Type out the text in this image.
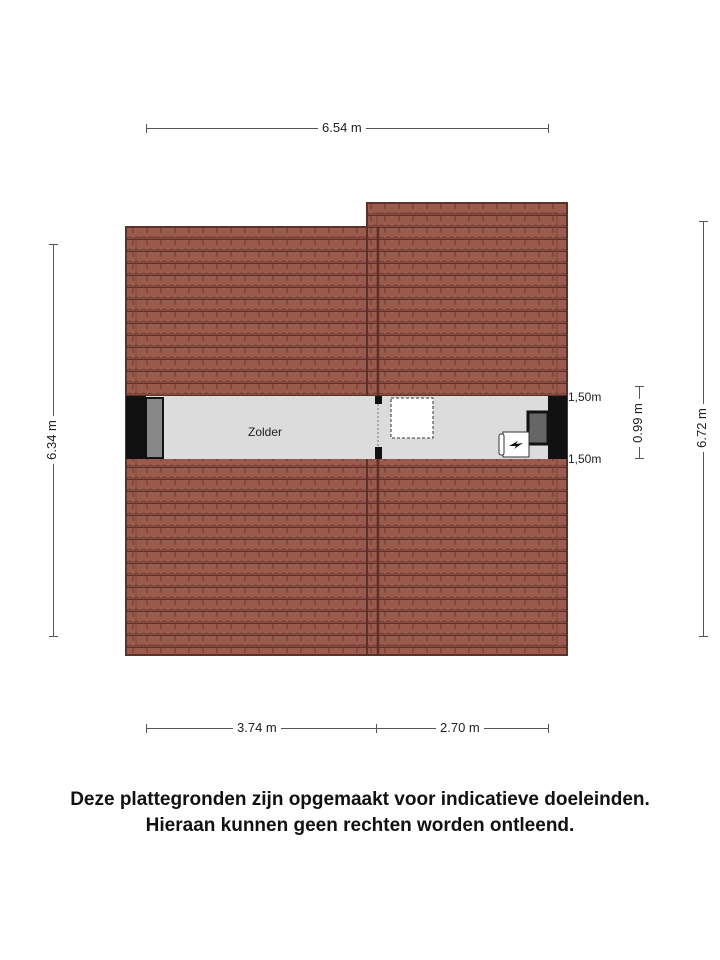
6.54 m
6.34 m	6.72 m
0.99 m
3.74 m	2.70 m
Zolder
1,50m
1,50m
Deze plattegronden zijn opgemaakt voor indicatieve doeleinden.
Hieraan kunnen geen rechten worden ontleend.
